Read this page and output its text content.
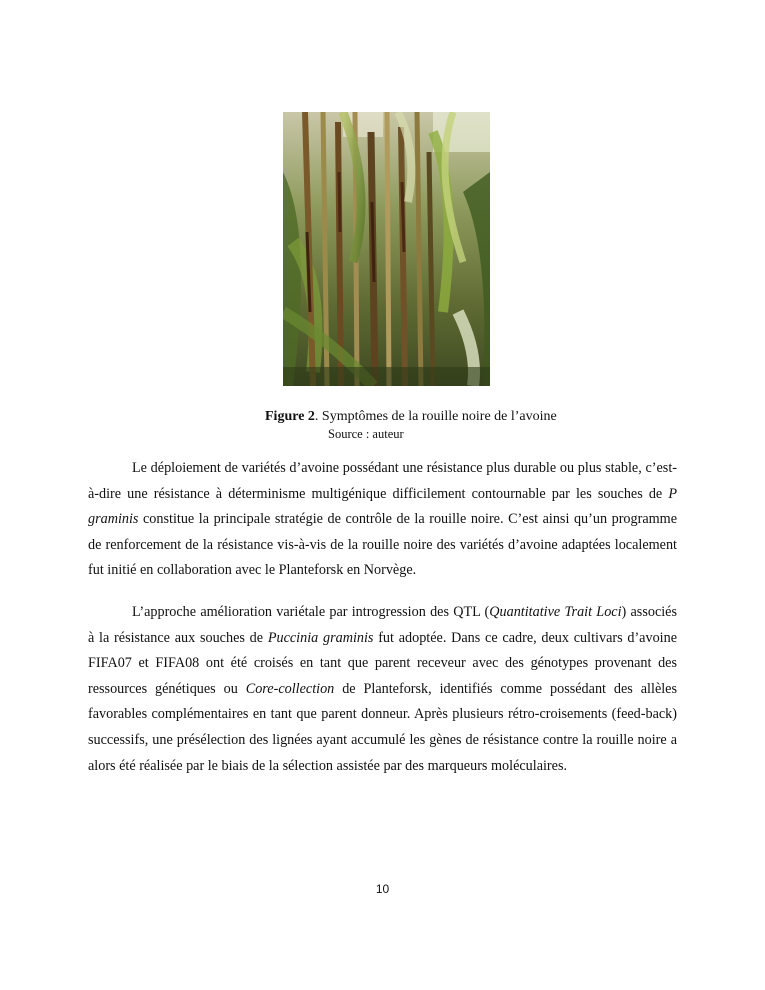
Figure 2. Symptômes de la rouille noire de l’avoine
Source : auteur

Le déploiement de variétés d’avoine possédant une résistance plus durable ou plus stable, c’est-à-dire une résistance à déterminisme multigénique difficilement contournable par les souches de P graminis constitue la principale stratégie de contrôle de la rouille noire. C’est ainsi qu’un programme de renforcement de la résistance vis-à-vis de la rouille noire des variétés d’avoine adaptées localement fut initié en collaboration avec le Planteforsk en Norvège.

L’approche amélioration variétale par introgression des QTL (Quantitative Trait Loci) associés à la résistance aux souches de Puccinia graminis fut adoptée. Dans ce cadre, deux cultivars d’avoine FIFA07 et FIFA08 ont été croisés en tant que parent receveur avec des génotypes provenant des ressources génétiques ou Core-collection de Planteforsk, identifiés comme possédant des allèles favorables complémentaires en tant que parent donneur. Après plusieurs rétro-croisements (feed-back) successifs, une présélection des lignées ayant accumulé les gènes de résistance contre la rouille noire a alors été réalisée par le biais de la sélection assistée par des marqueurs moléculaires.

10
